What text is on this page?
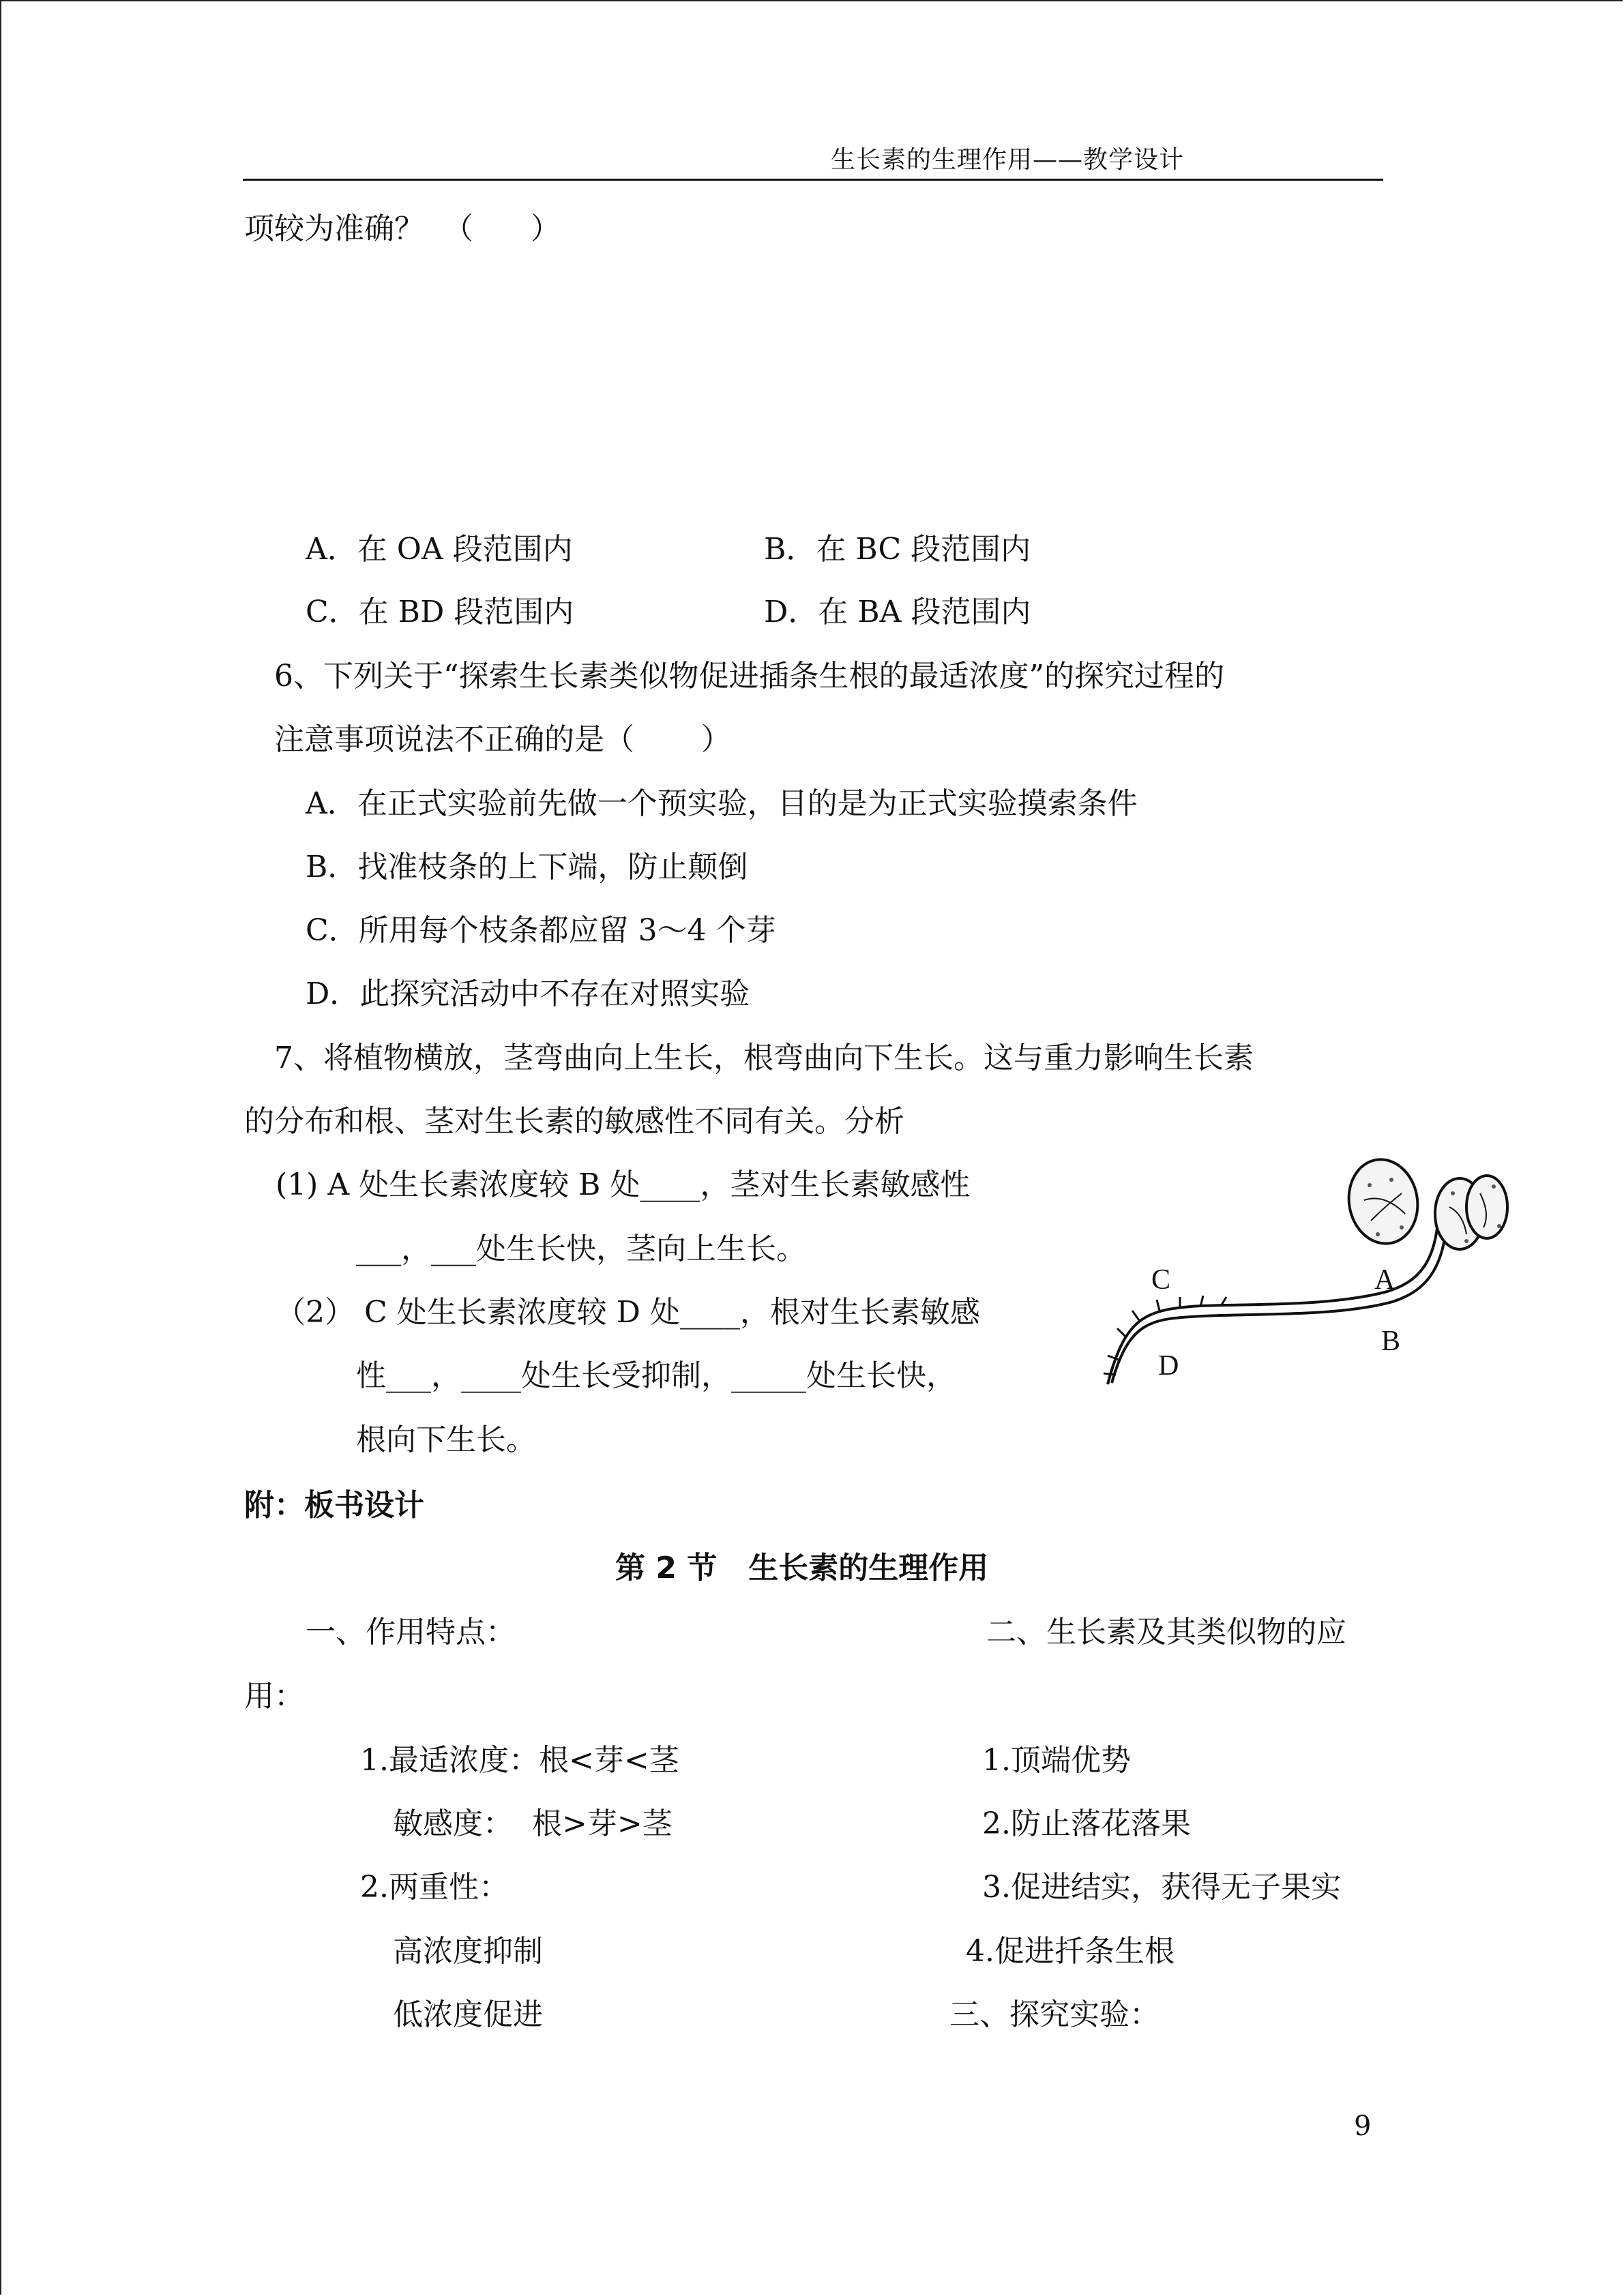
生长素的生理作用——教学设计
项较为准确？  （      ）
A．在 OA 段范围内	B．在 BC 段范围内
C．在 BD 段范围内	D．在 BA 段范围内
6、下列关于“探索生长素类似物促进插条生根的最适浓度”的探究过程的
注意事项说法不正确的是（       ）
A．在正式实验前先做一个预实验，目的是为正式实验摸索条件
B．找准枝条的上下端，防止颠倒
C．所用每个枝条都应留 3～4 个芽
D．此探究活动中不存在对照实验
7、将植物横放，茎弯曲向上生长，根弯曲向下生长。这与重力影响生长素
的分布和根、茎对生长素的敏感性不同有关。分析
(1) A 处生长素浓度较 B 处____，茎对生长素敏感性
___，___处生长快，茎向上生长。
（2） C 处生长素浓度较 D 处____，根对生长素敏感
性___，____处生长受抑制，_____处生长快，
根向下生长。
C	A
B
D
附：板书设计
第 2 节   生长素的生理作用
一、作用特点：	二、生长素及其类似物的应
用：
1.最适浓度：根<芽<茎
敏感度：  根>芽>茎
2.两重性：
高浓度抑制
低浓度促进
1.顶端优势
2.防止落花落果
3.促进结实，获得无子果实
4.促进扦条生根
三、探究实验：
9
